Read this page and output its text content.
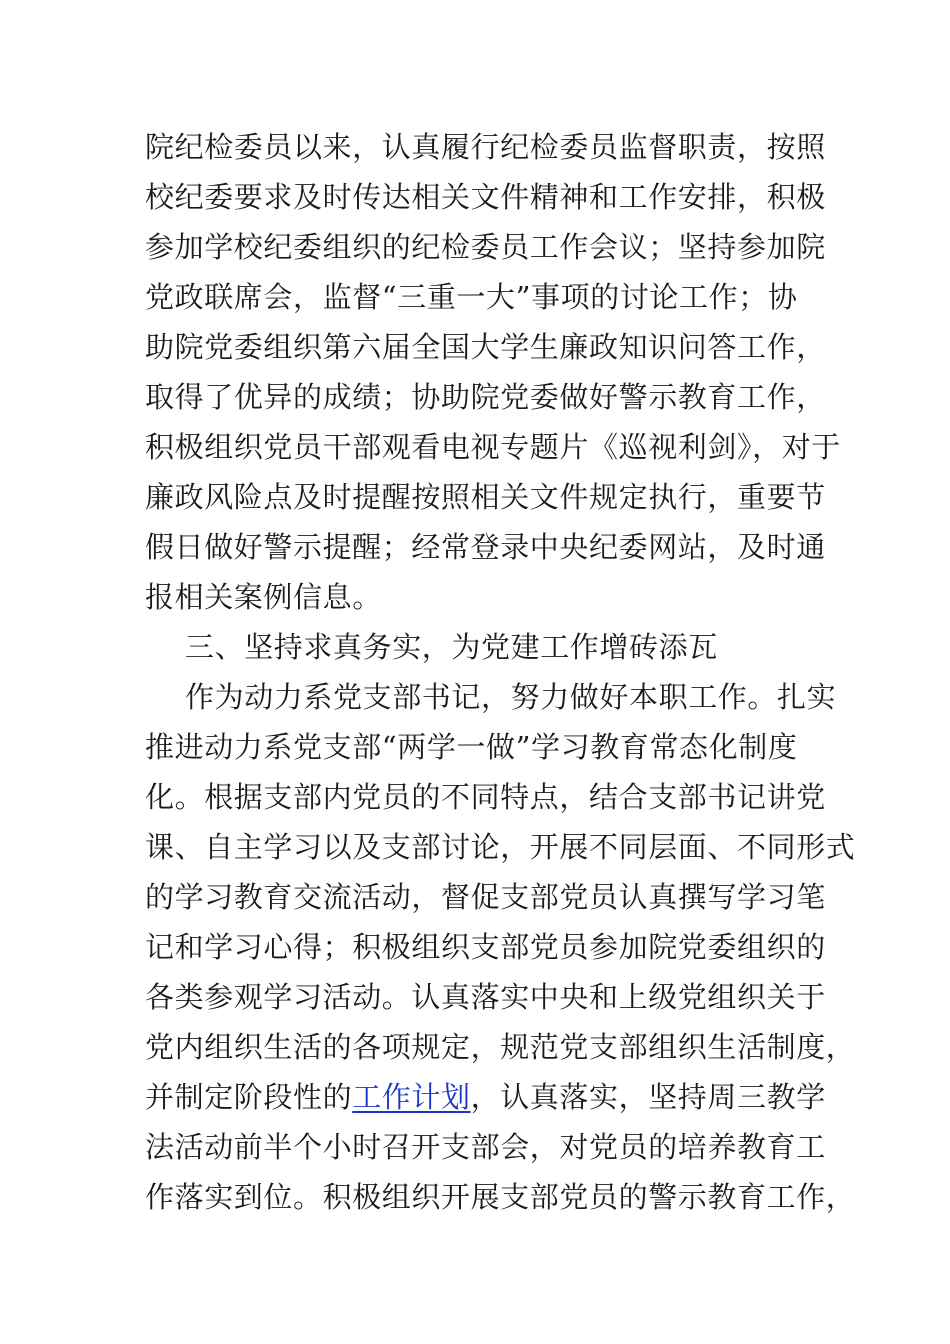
院纪检委员以来，认真履行纪检委员监督职责，按照
校纪委要求及时传达相关文件精神和工作安排，积极
参加学校纪委组织的纪检委员工作会议；坚持参加院
党政联席会，监督“三重一大”事项的讨论工作；协
助院党委组织第六届全国大学生廉政知识问答工作，
取得了优异的成绩；协助院党委做好警示教育工作，
积极组织党员干部观看电视专题片《巡视利剑》，对于
廉政风险点及时提醒按照相关文件规定执行，重要节
假日做好警示提醒；经常登录中央纪委网站，及时通
报相关案例信息。
三、坚持求真务实，为党建工作增砖添瓦
作为动力系党支部书记，努力做好本职工作。扎实
推进动力系党支部“两学一做”学习教育常态化制度
化。根据支部内党员的不同特点，结合支部书记讲党
课、自主学习以及支部讨论，开展不同层面、不同形式
的学习教育交流活动，督促支部党员认真撰写学习笔
记和学习心得；积极组织支部党员参加院党委组织的
各类参观学习活动。认真落实中央和上级党组织关于
党内组织生活的各项规定，规范党支部组织生活制度，
并制定阶段性的工作计划，认真落实，坚持周三教学
法活动前半个小时召开支部会，对党员的培养教育工
作落实到位。积极组织开展支部党员的警示教育工作，
